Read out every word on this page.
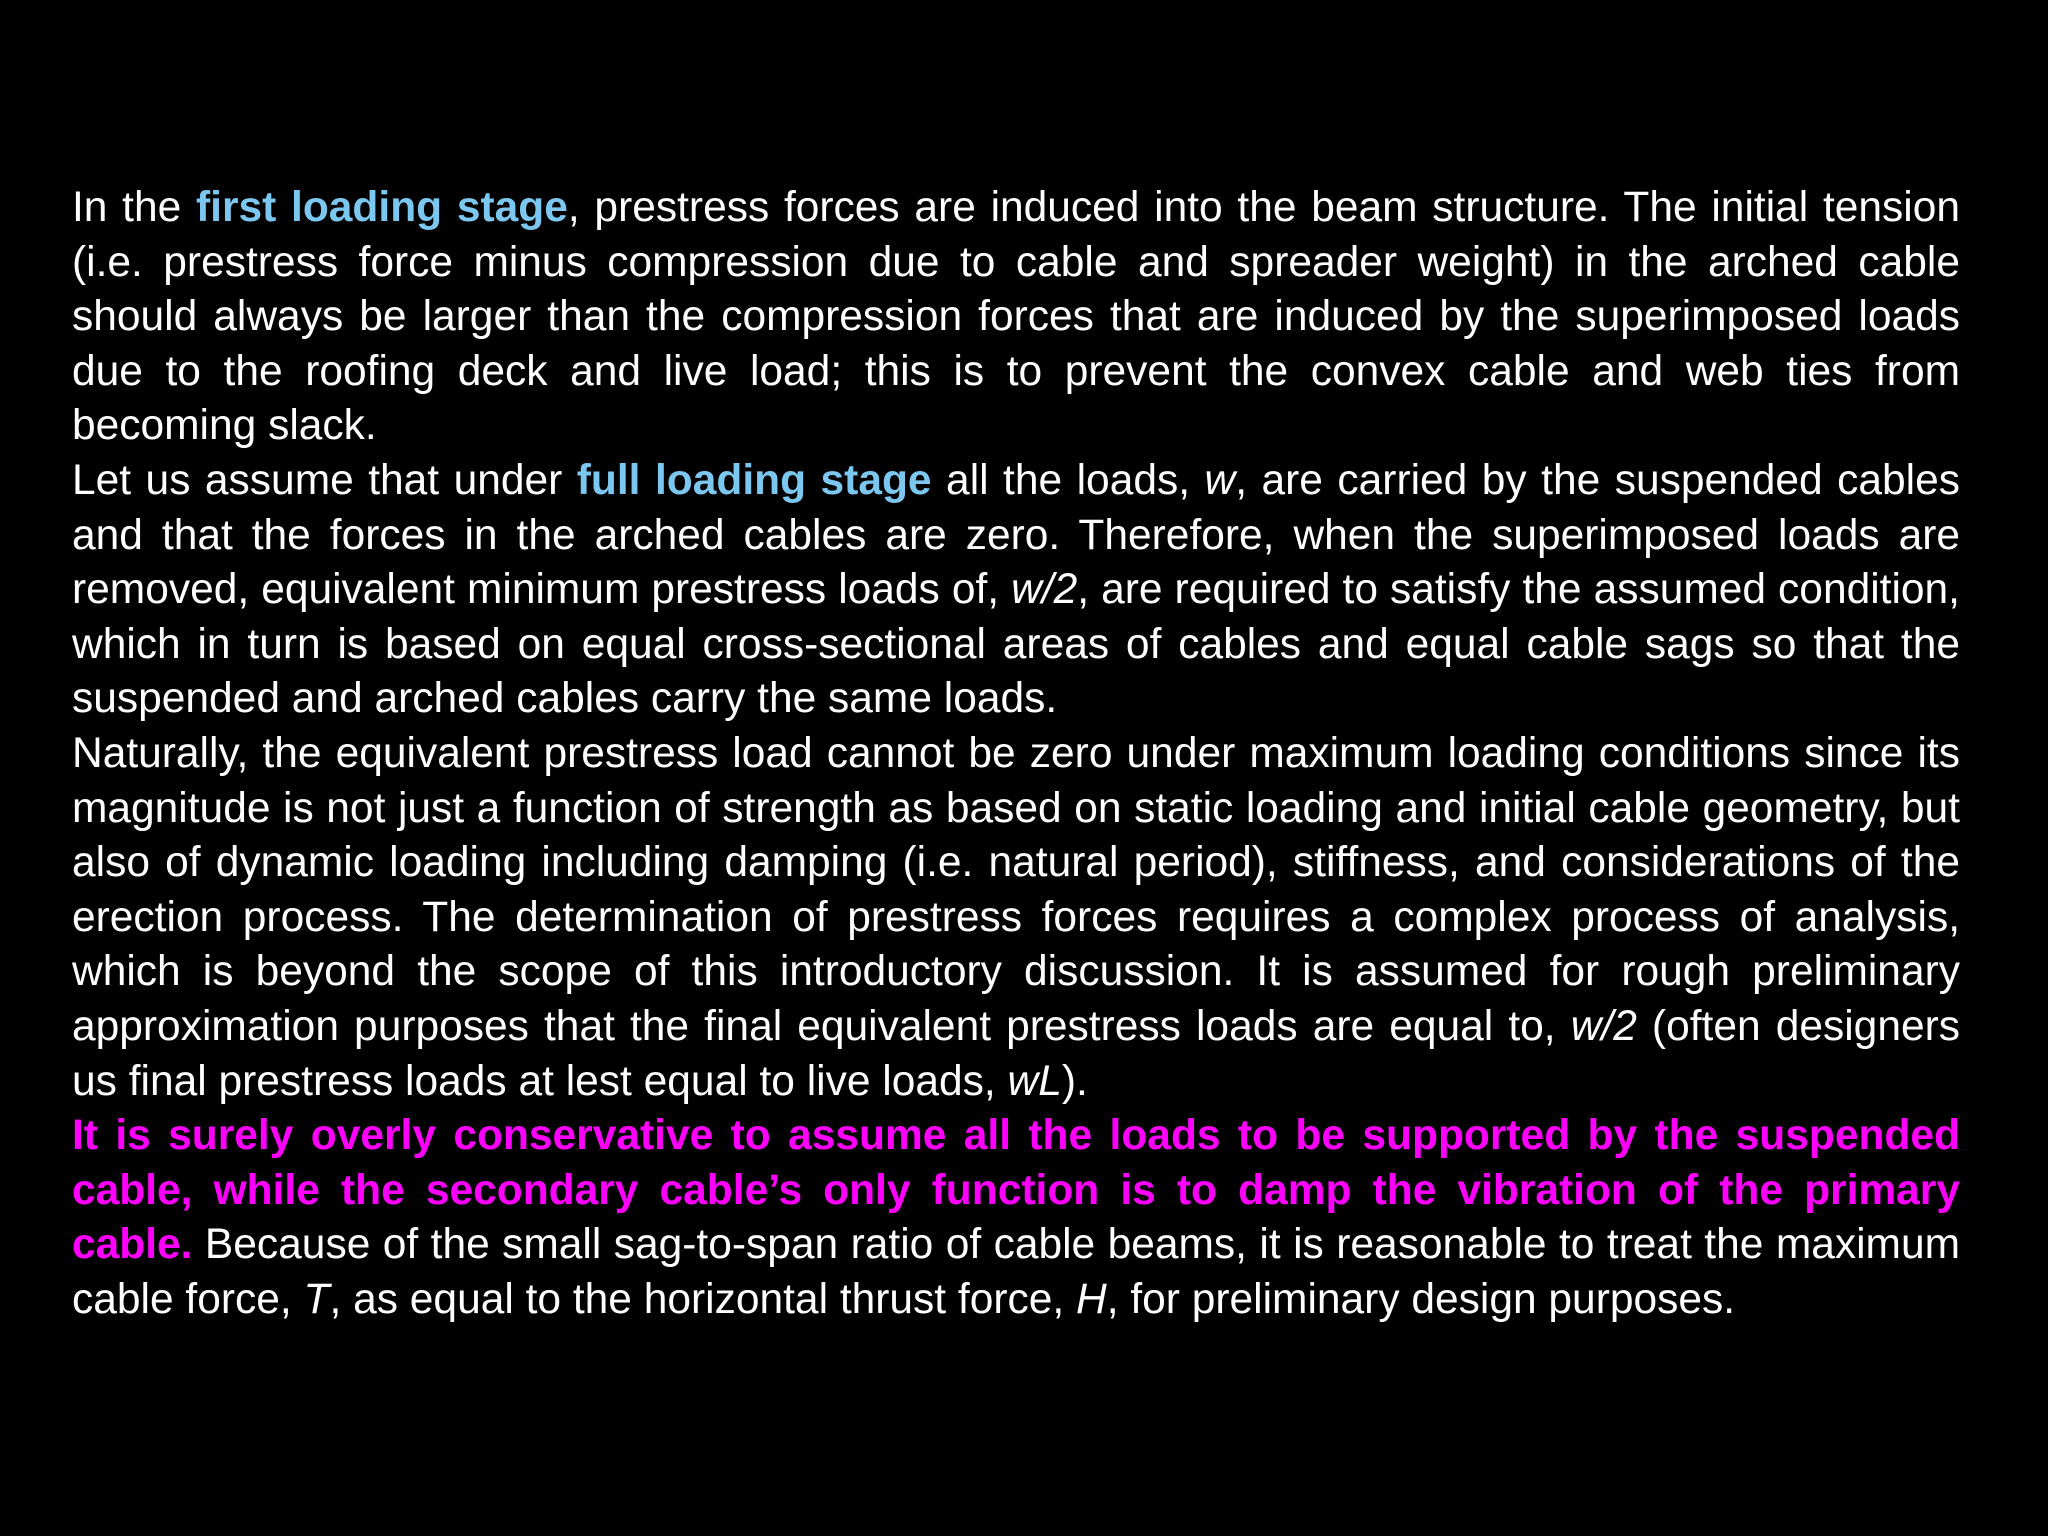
In the first loading stage, prestress forces are induced into the beam structure. The initial tension (i.e. prestress force minus compression due to cable and spreader weight) in the arched cable should always be larger than the compression forces that are induced by the superimposed loads due to the roofing deck and live load; this is to prevent the convex cable and web ties from becoming slack.

Let us assume that under full loading stage all the loads, w, are carried by the suspended cables and that the forces in the arched cables are zero. Therefore, when the superimposed loads are removed, equivalent minimum prestress loads of, w/2, are required to satisfy the assumed condition, which in turn is based on equal cross-sectional areas of cables and equal cable sags so that the suspended and arched cables carry the same loads.

Naturally, the equivalent prestress load cannot be zero under maximum loading conditions since its magnitude is not just a function of strength as based on static loading and initial cable geometry, but also of dynamic loading including damping (i.e. natural period), stiffness, and considerations of the erection process. The determination of prestress forces requires a complex process of analysis, which is beyond the scope of this introductory discussion. It is assumed for rough preliminary approximation purposes that the final equivalent prestress loads are equal to, w/2 (often designers us final prestress loads at lest equal to live loads, wL).

It is surely overly conservative to assume all the loads to be supported by the suspended cable, while the secondary cable’s only function is to damp the vibration of the primary cable. Because of the small sag-to-span ratio of cable beams, it is reasonable to treat the maximum cable force, T, as equal to the horizontal thrust force, H, for preliminary design purposes.
